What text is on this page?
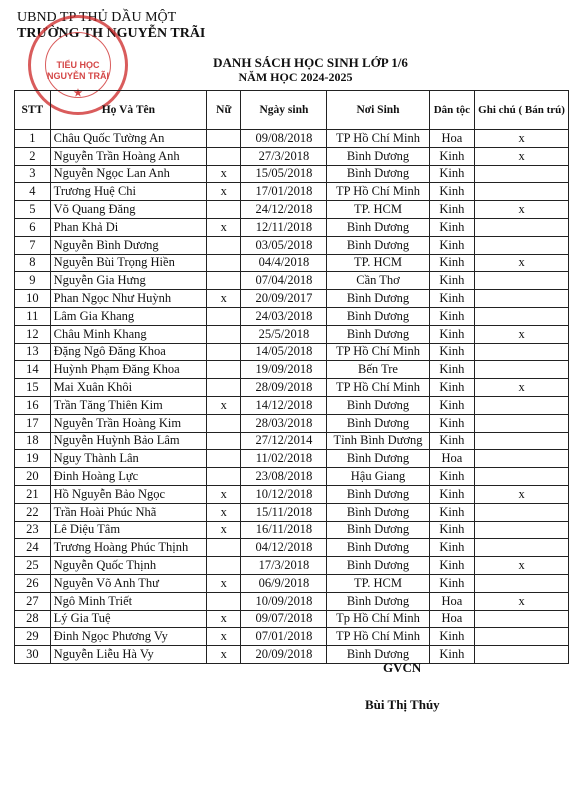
UBND TP THỦ DẦU MỘT
TRƯỜNG TH NGUYỄN TRÃI
TIỂU HỌC
NGUYỄN TRÃI
★
DANH SÁCH HỌC SINH LỚP 1/6
NĂM HỌC 2024-2025
STT	Họ Và Tên	Nữ	Ngày sinh	Nơi Sinh	Dân tộc	Ghi chú ( Bán trú)
1	Châu Quốc Tường An		09/08/2018	TP Hồ Chí Minh	Hoa	x
2	Nguyễn Trần Hoàng Anh		27/3/2018	Bình Dương	Kinh	x
3	Nguyễn Ngọc Lan Anh	x	15/05/2018	Bình Dương	Kinh	
4	Trương Huệ Chi	x	17/01/2018	TP Hồ Chí Minh	Kinh	
5	Võ Quang Đăng		24/12/2018	TP. HCM	Kinh	x
6	Phan Khả Di	x	12/11/2018	Bình Dương	Kinh	
7	Nguyễn Bình Dương		03/05/2018	Bình Dương	Kinh	
8	Nguyễn Bùi Trọng Hiền		04/4/2018	TP. HCM	Kinh	x
9	Nguyễn Gia Hưng		07/04/2018	Cần Thơ	Kinh	
10	Phan Ngọc Như Huỳnh	x	20/09/2017	Bình Dương	Kinh	
11	Lâm Gia Khang		24/03/2018	Bình Dương	Kinh	
12	Châu Minh Khang		25/5/2018	Bình Dương	Kinh	x
13	Đặng Ngô Đăng Khoa		14/05/2018	TP Hồ Chí Minh	Kinh	
14	Huỳnh Phạm Đăng Khoa		19/09/2018	Bến Tre	Kinh	
15	Mai Xuân Khôi		28/09/2018	TP Hồ Chí Minh	Kinh	x
16	Trần Tăng Thiên Kim	x	14/12/2018	Bình Dương	Kinh	
17	Nguyễn Trần Hoàng Kim		28/03/2018	Bình Dương	Kinh	
18	Nguyễn Huỳnh Bảo Lâm		27/12/2014	Tỉnh Bình Dương	Kinh	
19	Nguy Thành Lân		11/02/2018	Bình Dương	Hoa	
20	Đinh Hoàng Lực		23/08/2018	Hậu Giang	Kinh	
21	Hồ Nguyễn Bảo Ngọc	x	10/12/2018	Bình Dương	Kinh	x
22	Trần Hoài Phúc Nhã	x	15/11/2018	Bình Dương	Kinh	
23	Lê Diệu Tâm	x	16/11/2018	Bình Dương	Kinh	
24	Trương Hoàng Phúc Thịnh		04/12/2018	Bình Dương	Kinh	
25	Nguyễn Quốc Thịnh		17/3/2018	Bình Dương	Kinh	x
26	Nguyễn Võ Anh Thư	x	06/9/2018	TP. HCM	Kinh	
27	Ngô Minh Triết		10/09/2018	Bình Dương	Hoa	x
28	Lý Gia Tuệ	x	09/07/2018	Tp Hồ Chí Minh	Hoa	
29	Đinh Ngọc Phương Vy	x	07/01/2018	TP Hồ Chí Minh	Kinh	
30	Nguyễn Liễu Hà Vy	x	20/09/2018	Bình Dương	Kinh	
GVCN
Bùi Thị Thúy
